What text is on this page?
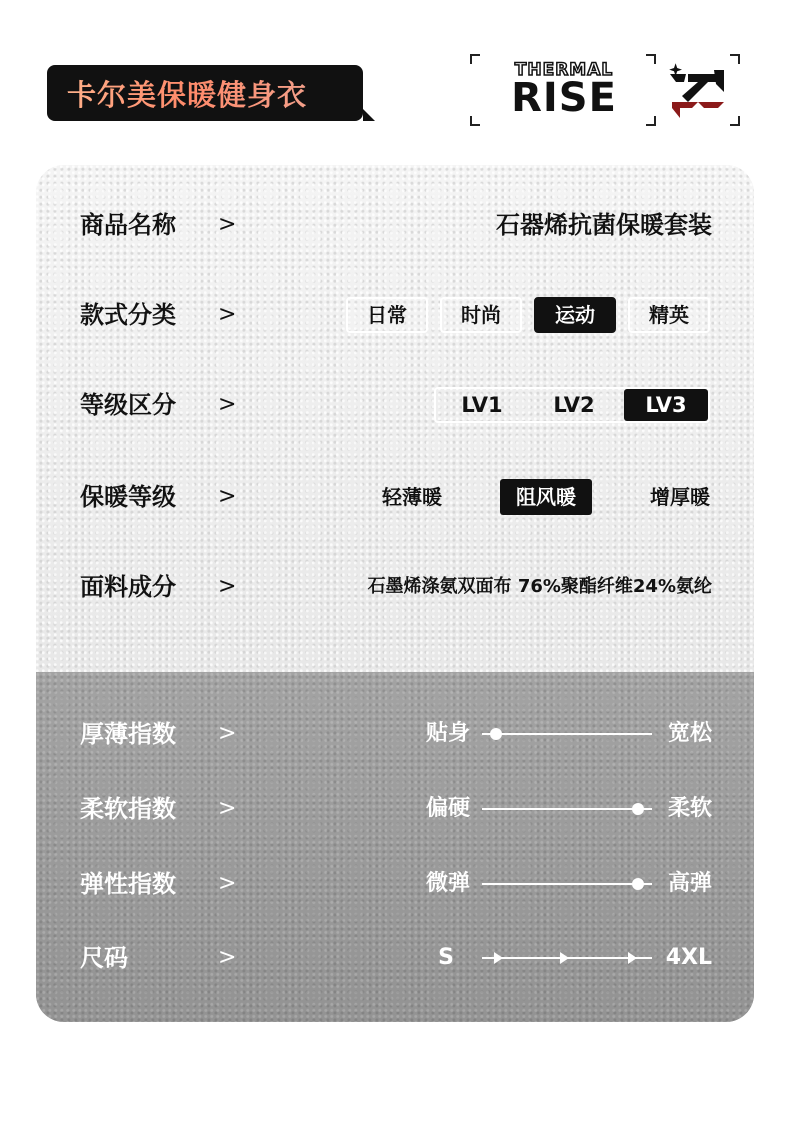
卡尔美保暖健身衣
THERMAL
RISE
商品名称 >	石器烯抗菌保暖套装
款式分类 >	日常	时尚	运动	精英
等级区分 >	LV1	LV2	LV3
保暖等级 >	轻薄暖	阻风暖	增厚暖
面料成分 >	石墨烯涤氨双面布 76%聚酯纤维24%氨纶
厚薄指数 >	贴身	宽松
柔软指数 >	偏硬	柔软
弹性指数 >	微弹	高弹
尺码	>	S	4XL
